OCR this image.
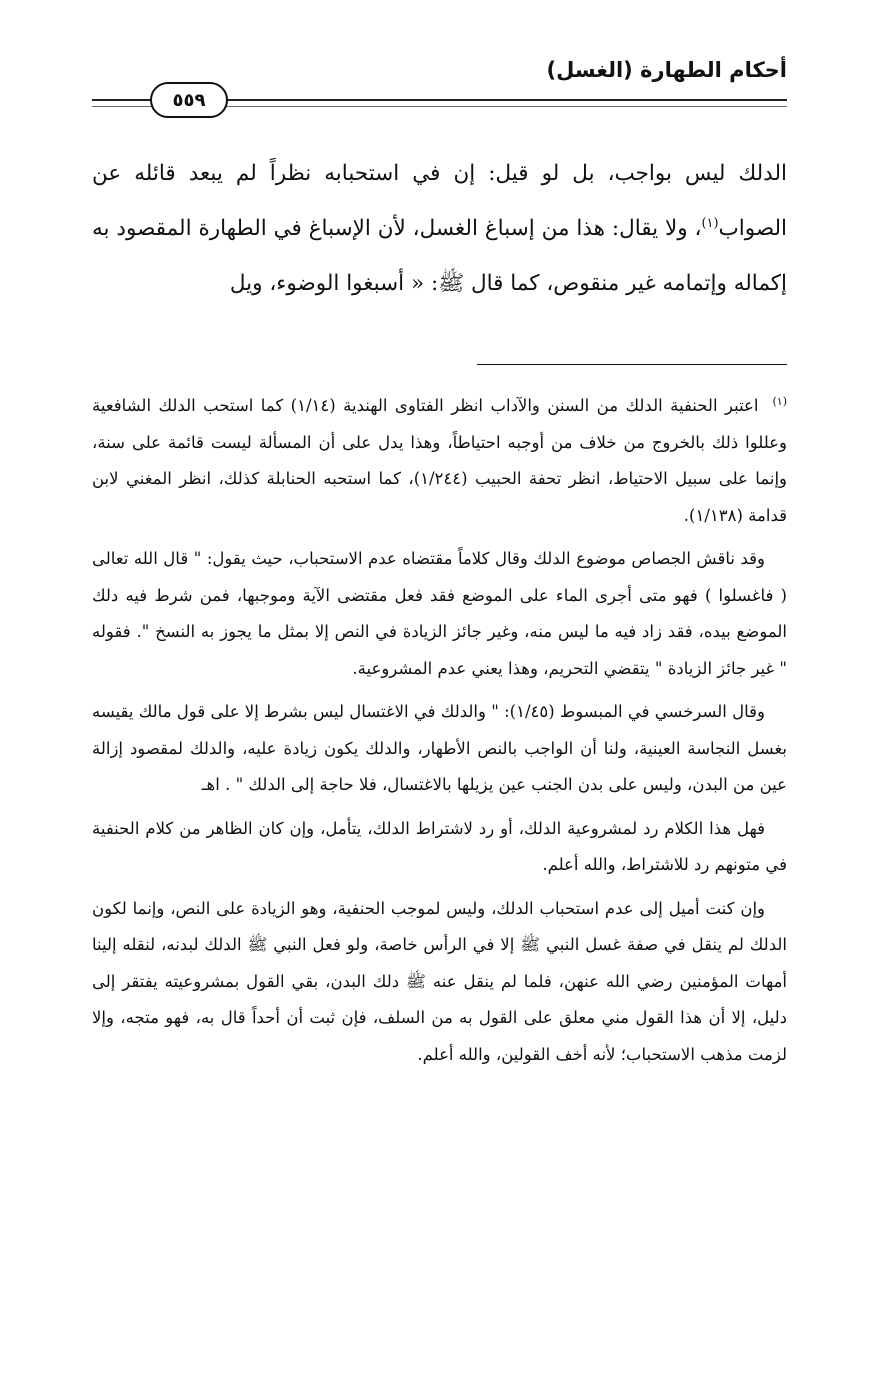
أحكام الطهارة (الغسل)
٥٥٩
الدلك ليس بواجب، بل لو قيل: إن في استحبابه نظراً لم يبعد قائله عن الصواب$^{(١)}$، ولا يقال: هذا من إسباغ الغسل، لأن الإسباغ في الطهارة المقصود به إكماله وإتمامه غير منقوص، كما قال ﷺ: « أسبغوا الوضوء، ويل

(١)اعتبر الحنفية الدلك من السنن والآداب انظر الفتاوى الهندية (١/١٤) كما استحب الدلك الشافعية وعللوا ذلك بالخروج من خلاف من أوجبه احتياطاً، وهذا يدل على أن المسألة ليست قائمة على سنة، وإنما على سبيل الاحتياط، انظر تحفة الحبيب (١/٢٤٤)، كما استحبه الحنابلة كذلك، انظر المغني لابن قدامة (١/١٣٨).

وقد ناقش الجصاص موضوع الدلك وقال كلاماً مقتضاه عدم الاستحباب، حيث يقول: " قال الله تعالى ( فاغسلوا ) فهو متى أجرى الماء على الموضع فقد فعل مقتضى الآية وموجبها، فمن شرط فيه دلك الموضع بيده، فقد زاد فيه ما ليس منه، وغير جائز الزيادة في النص إلا بمثل ما يجوز به النسخ ". فقوله " غير جائز الزيادة " يتقضي التحريم، وهذا يعني عدم المشروعية.

وقال السرخسي في المبسوط (١/٤٥): " والدلك في الاغتسال ليس بشرط إلا على قول مالك يقيسه بغسل النجاسة العينية، ولنا أن الواجب بالنص الأطهار، والدلك يكون زيادة عليه، والدلك لمقصود إزالة عين من البدن، وليس على بدن الجنب عين يزيلها بالاغتسال، فلا حاجة إلى الدلك " . اهـ

فهل هذا الكلام رد لمشروعية الدلك، أو رد لاشتراط الدلك، يتأمل، وإن كان الظاهر من كلام الحنفية في متونهم رد للاشتراط، والله أعلم.

وإن كنت أميل إلى عدم استحباب الدلك، وليس لموجب الحنفية، وهو الزيادة على النص، وإنما لكون الدلك لم ينقل في صفة غسل النبي ﷺ إلا في الرأس خاصة، ولو فعل النبي ﷺ الدلك لبدنه، لنقله إلينا أمهات المؤمنين رضي الله عنهن، فلما لم ينقل عنه ﷺ دلك البدن، بقي القول بمشروعيته يفتقر إلى دليل، إلا أن هذا القول مني معلق على القول به من السلف، فإن ثبت أن أحداً قال به، فهو متجه، وإلا لزمت مذهب الاستحباب؛ لأنه أخف القولين، والله أعلم.
